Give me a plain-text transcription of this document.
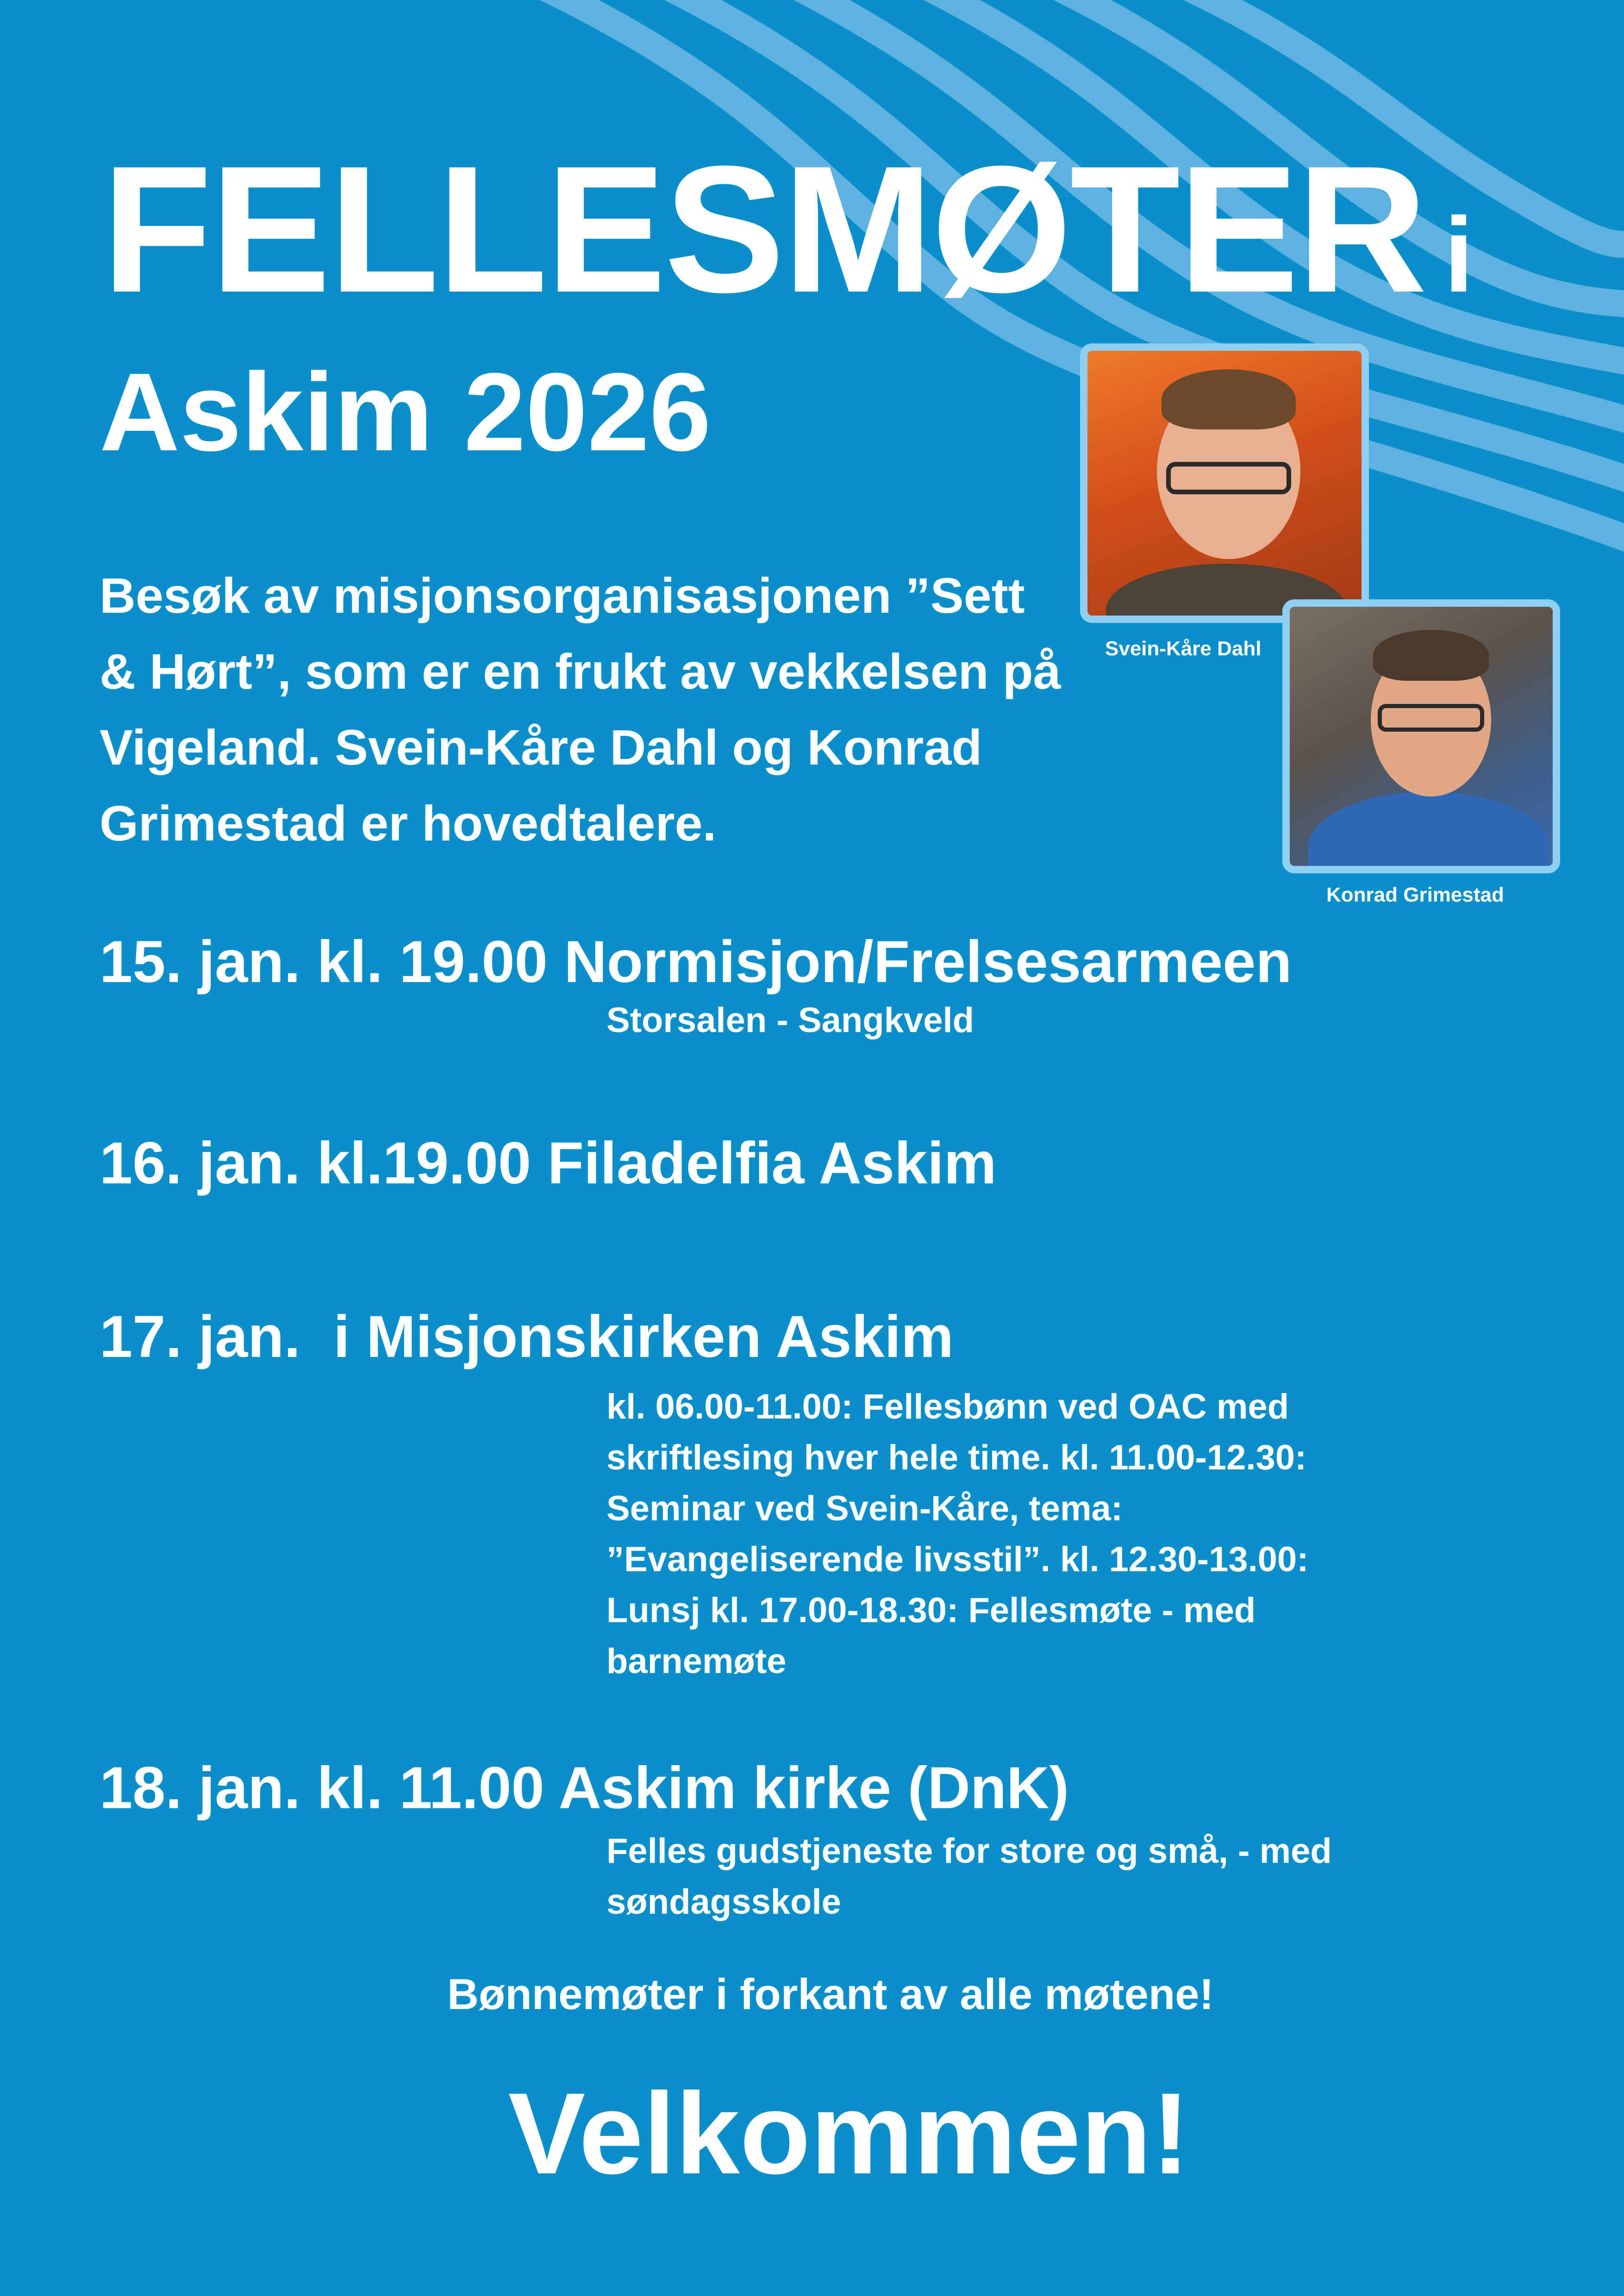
FELLESMØTER i
Askim 2026

Besøk av misjonsorganisasjonen ”Sett & Hørt”, som er en frukt av vekkelsen på Vigeland. Svein-Kåre Dahl og Konrad Grimestad er hovedtalere.

Svein-Kåre Dahl
Konrad Grimestad
15. jan. kl. 19.00 Normisjon/Frelsesarmeen
Storsalen - Sangkveld
16. jan. kl.19.00 Filadelfia Askim
17. jan.  i Misjonskirken Askim
kl. 06.00-11.00: Fellesbønn ved OAC med skriftlesing hver hele time. kl. 11.00-12.30: Seminar ved Svein-Kåre, tema: ”Evangeliserende livsstil”. kl. 12.30-13.00: Lunsj kl. 17.00-18.30: Fellesmøte - med barnemøte
18. jan. kl. 11.00 Askim kirke (DnK)
Felles gudstjeneste for store og små, - med søndagsskole
Bønnemøter i forkant av alle møtene!
Velkommen!
